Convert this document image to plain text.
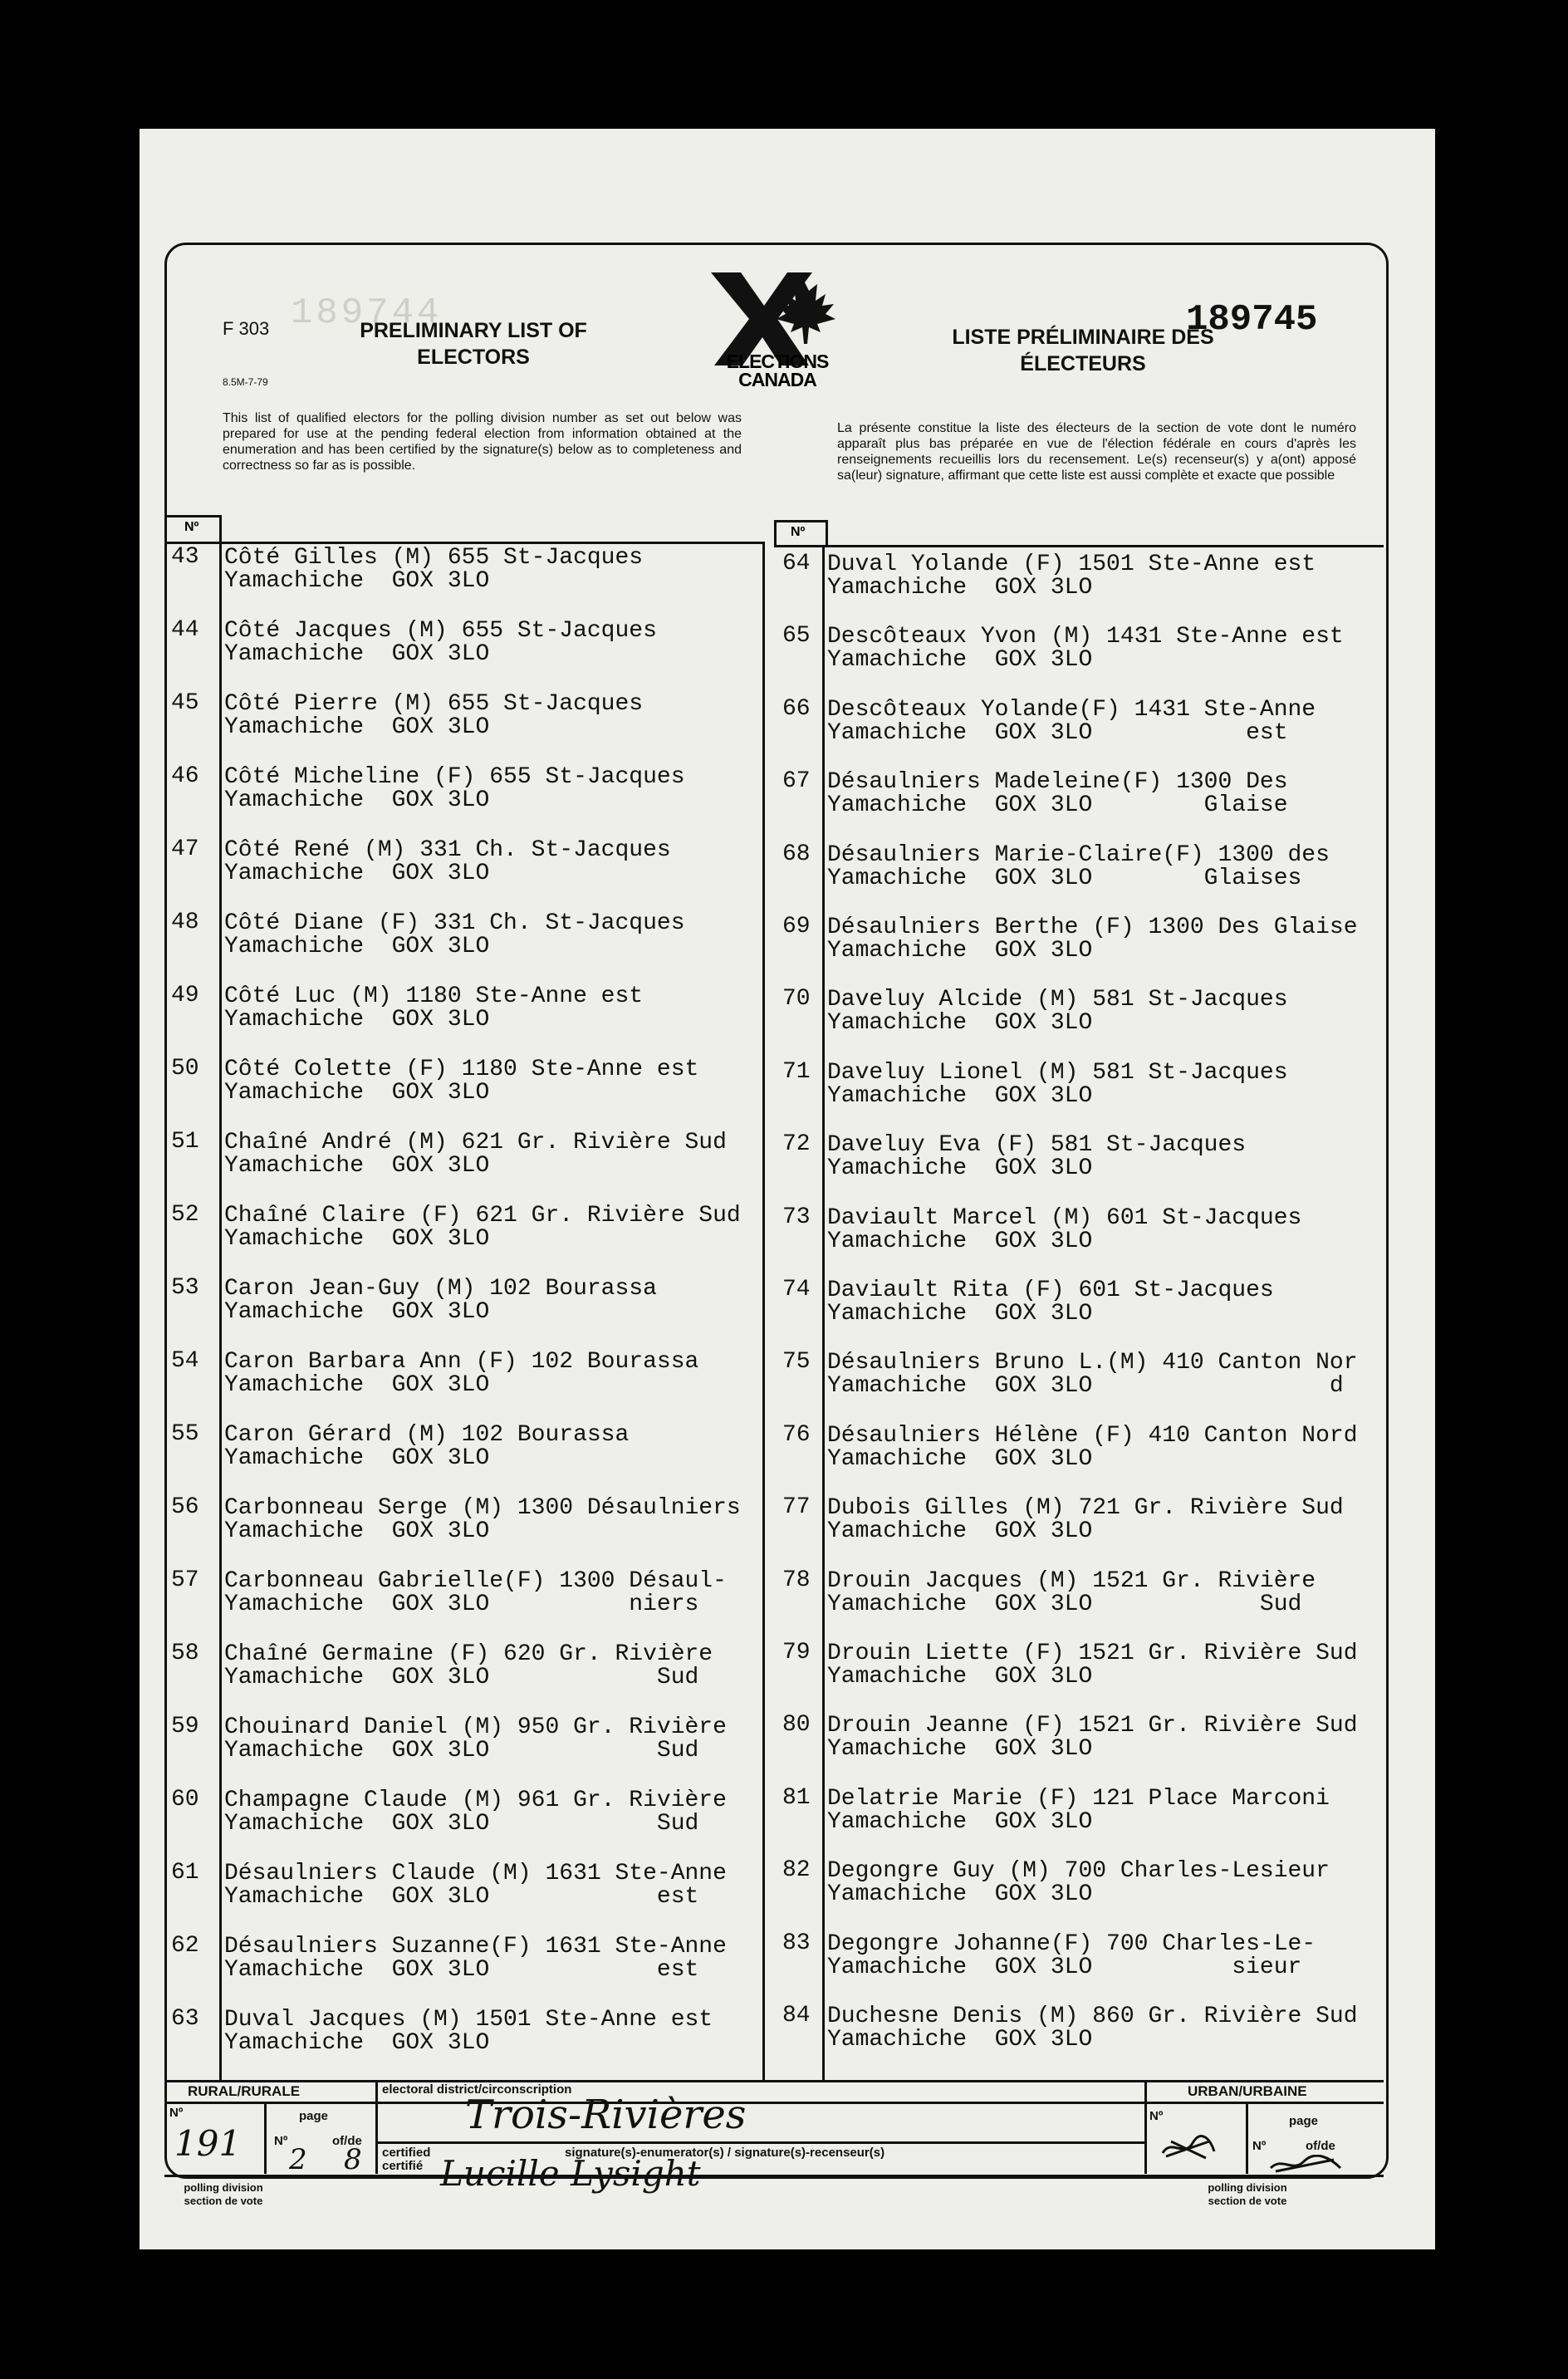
189744
F 303
8.5M-7-79
PRELIMINARY LIST OF ELECTORS
LISTE PRÉLIMINAIRE DES ÉLECTEURS
189745
ELECTIONS CANADA
This list of qualified electors for the polling division number as set out below was prepared for use at the pending federal election from information obtained at the enumeration and has been certified by the signature(s) below as to completeness and correctness so far as is possible.
La présente constitue la liste des électeurs de la section de vote dont le numéro apparaît plus bas préparée en vue de l'élection fédérale en cours d'après les renseignements recueillis lors du recensement. Le(s) recenseur(s) y a(ont) apposé sa(leur) signature, affirmant que cette liste est aussi complète et exacte que possible
Nº	Nº
43 Côté Gilles (M) 655 St-Jacques
Yamachiche  GOX 3LO
44 Côté Jacques (M) 655 St-Jacques
Yamachiche  GOX 3LO
45 Côté Pierre (M) 655 St-Jacques
Yamachiche  GOX 3LO
46 Côté Micheline (F) 655 St-Jacques
Yamachiche  GOX 3LO
47 Côté René (M) 331 Ch. St-Jacques
Yamachiche  GOX 3LO
48 Côté Diane (F) 331 Ch. St-Jacques
Yamachiche  GOX 3LO
49 Côté Luc (M) 1180 Ste-Anne est
Yamachiche  GOX 3LO
50 Côté Colette (F) 1180 Ste-Anne est
Yamachiche  GOX 3LO
51 Chaîné André (M) 621 Gr. Rivière Sud
Yamachiche  GOX 3LO
52 Chaîné Claire (F) 621 Gr. Rivière Sud
Yamachiche  GOX 3LO
53 Caron Jean-Guy (M) 102 Bourassa
Yamachiche  GOX 3LO
54 Caron Barbara Ann (F) 102 Bourassa
Yamachiche  GOX 3LO
55 Caron Gérard (M) 102 Bourassa
Yamachiche  GOX 3LO
56 Carbonneau Serge (M) 1300 Désaulniers
Yamachiche  GOX 3LO
57 Carbonneau Gabrielle(F) 1300 Désaul-
Yamachiche  GOX 3LO          niers
58 Chaîné Germaine (F) 620 Gr. Rivière
Yamachiche  GOX 3LO            Sud
59 Chouinard Daniel (M) 950 Gr. Rivière
Yamachiche  GOX 3LO            Sud
60 Champagne Claude (M) 961 Gr. Rivière
Yamachiche  GOX 3LO            Sud
61 Désaulniers Claude (M) 1631 Ste-Anne
Yamachiche  GOX 3LO            est
62 Désaulniers Suzanne(F) 1631 Ste-Anne
Yamachiche  GOX 3LO            est
63 Duval Jacques (M) 1501 Ste-Anne est
Yamachiche  GOX 3LO
64 Duval Yolande (F) 1501 Ste-Anne est
Yamachiche  GOX 3LO
65 Descôteaux Yvon (M) 1431 Ste-Anne est
Yamachiche  GOX 3LO
66 Descôteaux Yolande(F) 1431 Ste-Anne
Yamachiche  GOX 3LO           est
67 Désaulniers Madeleine(F) 1300 Des
Yamachiche  GOX 3LO        Glaise
68 Désaulniers Marie-Claire(F) 1300 des
Yamachiche  GOX 3LO        Glaises
69 Désaulniers Berthe (F) 1300 Des Glaise
Yamachiche  GOX 3LO
70 Daveluy Alcide (M) 581 St-Jacques
Yamachiche  GOX 3LO
71 Daveluy Lionel (M) 581 St-Jacques
Yamachiche  GOX 3LO
72 Daveluy Eva (F) 581 St-Jacques
Yamachiche  GOX 3LO
73 Daviault Marcel (M) 601 St-Jacques
Yamachiche  GOX 3LO
74 Daviault Rita (F) 601 St-Jacques
Yamachiche  GOX 3LO
75 Désaulniers Bruno L.(M) 410 Canton Nor
Yamachiche  GOX 3LO                 d
76 Désaulniers Hélène (F) 410 Canton Nord
Yamachiche  GOX 3LO
77 Dubois Gilles (M) 721 Gr. Rivière Sud
Yamachiche  GOX 3LO
78 Drouin Jacques (M) 1521 Gr. Rivière
Yamachiche  GOX 3LO            Sud
79 Drouin Liette (F) 1521 Gr. Rivière Sud
Yamachiche  GOX 3LO
80 Drouin Jeanne (F) 1521 Gr. Rivière Sud
Yamachiche  GOX 3LO
81 Delatrie Marie (F) 121 Place Marconi
Yamachiche  GOX 3LO
82 Degongre Guy (M) 700 Charles-Lesieur
Yamachiche  GOX 3LO
83 Degongre Johanne(F) 700 Charles-Le-
Yamachiche  GOX 3LO          sieur
84 Duchesne Denis (M) 860 Gr. Rivière Sud
Yamachiche  GOX 3LO
RURAL/RURALE	URBAN/URBAINE
electoral district/circonscription
Trois-Rivières
Nº	page
Nº	of/de
191 2 8
polling division section de vote
certified certifié
signature(s)-enumerator(s) / signature(s)-recenseur(s)
Lucille Lysight
Nº	page
Nº	of/de
polling division section de vote
